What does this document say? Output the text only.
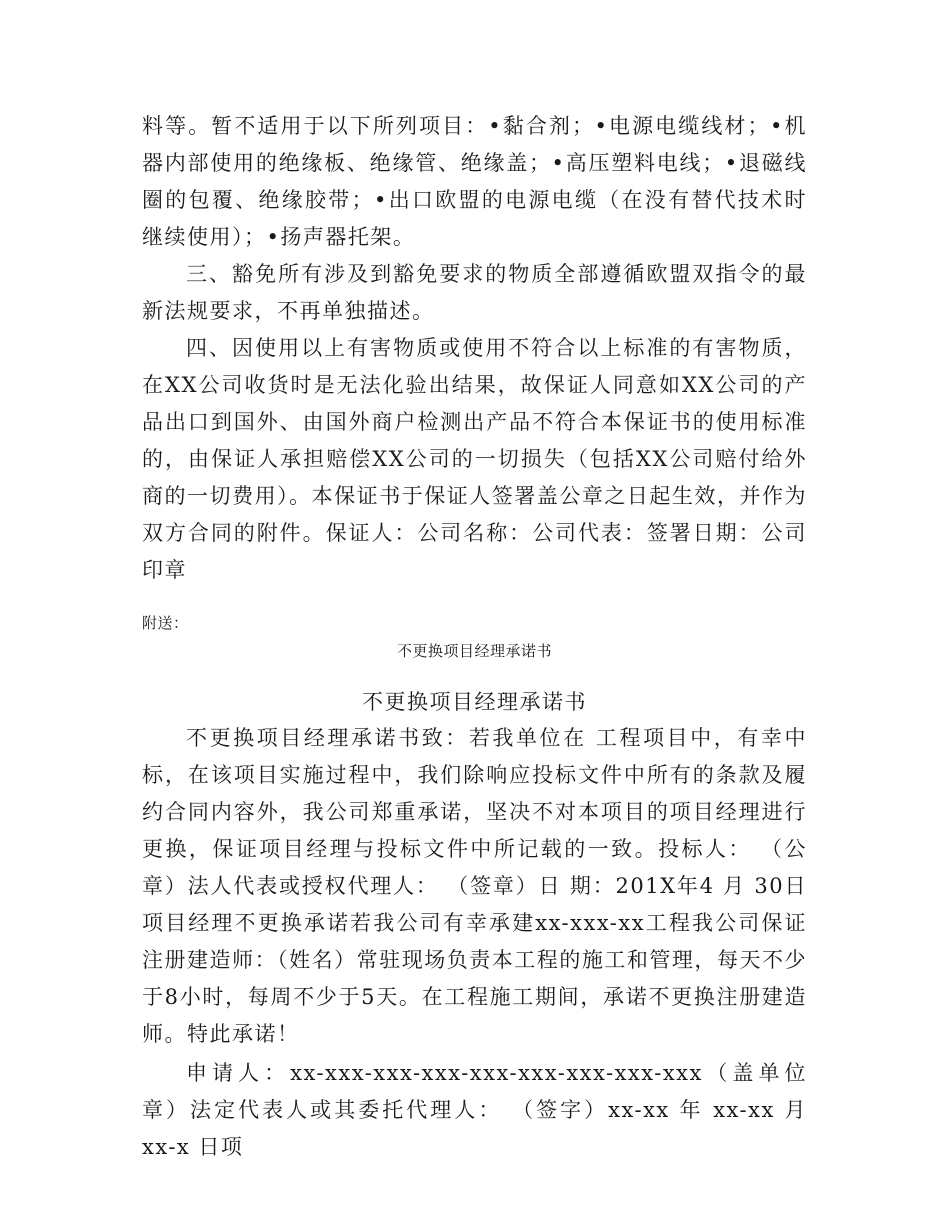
料等。暂不适用于以下所列项目：•黏合剂；•电源电缆线材；•机器内部使用的绝缘板、绝缘管、绝缘盖；•高压塑料电线；•退磁线圈的包覆、绝缘胶带；•出口欧盟的电源电缆（在没有替代技术时继续使用）；•扬声器托架。

三、豁免所有涉及到豁免要求的物质全部遵循欧盟双指令的最新法规要求，不再单独描述。

四、因使用以上有害物质或使用不符合以上标准的有害物质，在XX公司收货时是无法化验出结果，故保证人同意如XX公司的产品出口到国外、由国外商户检测出产品不符合本保证书的使用标准的，由保证人承担赔偿XX公司的一切损失（包括XX公司赔付给外商的一切费用）。本保证书于保证人签署盖公章之日起生效，并作为双方合同的附件。保证人：公司名称：公司代表：签署日期：公司印章

附送：

不更换项目经理承诺书

不更换项目经理承诺书

不更换项目经理承诺书致：若我单位在 工程项目中，有幸中标，在该项目实施过程中，我们除响应投标文件中所有的条款及履约合同内容外，我公司郑重承诺，坚决不对本项目的项目经理进行更换，保证项目经理与投标文件中所记载的一致。投标人： （公章）法人代表或授权代理人： （签章）日 期：201X年4 月 30日项目经理不更换承诺若我公司有幸承建xx-xxx-xx工程我公司保证注册建造师：（姓名）常驻现场负责本工程的施工和管理，每天不少于8小时，每周不少于5天。在工程施工期间，承诺不更换注册建造师。特此承诺！

申请人：xx-xxx-xxx-xxx-xxx-xxx-xxx-xxx-xxx（盖单位章）法定代表人或其委托代理人： （签字）xx-xx 年 xx-xx 月 xx-x 日项
